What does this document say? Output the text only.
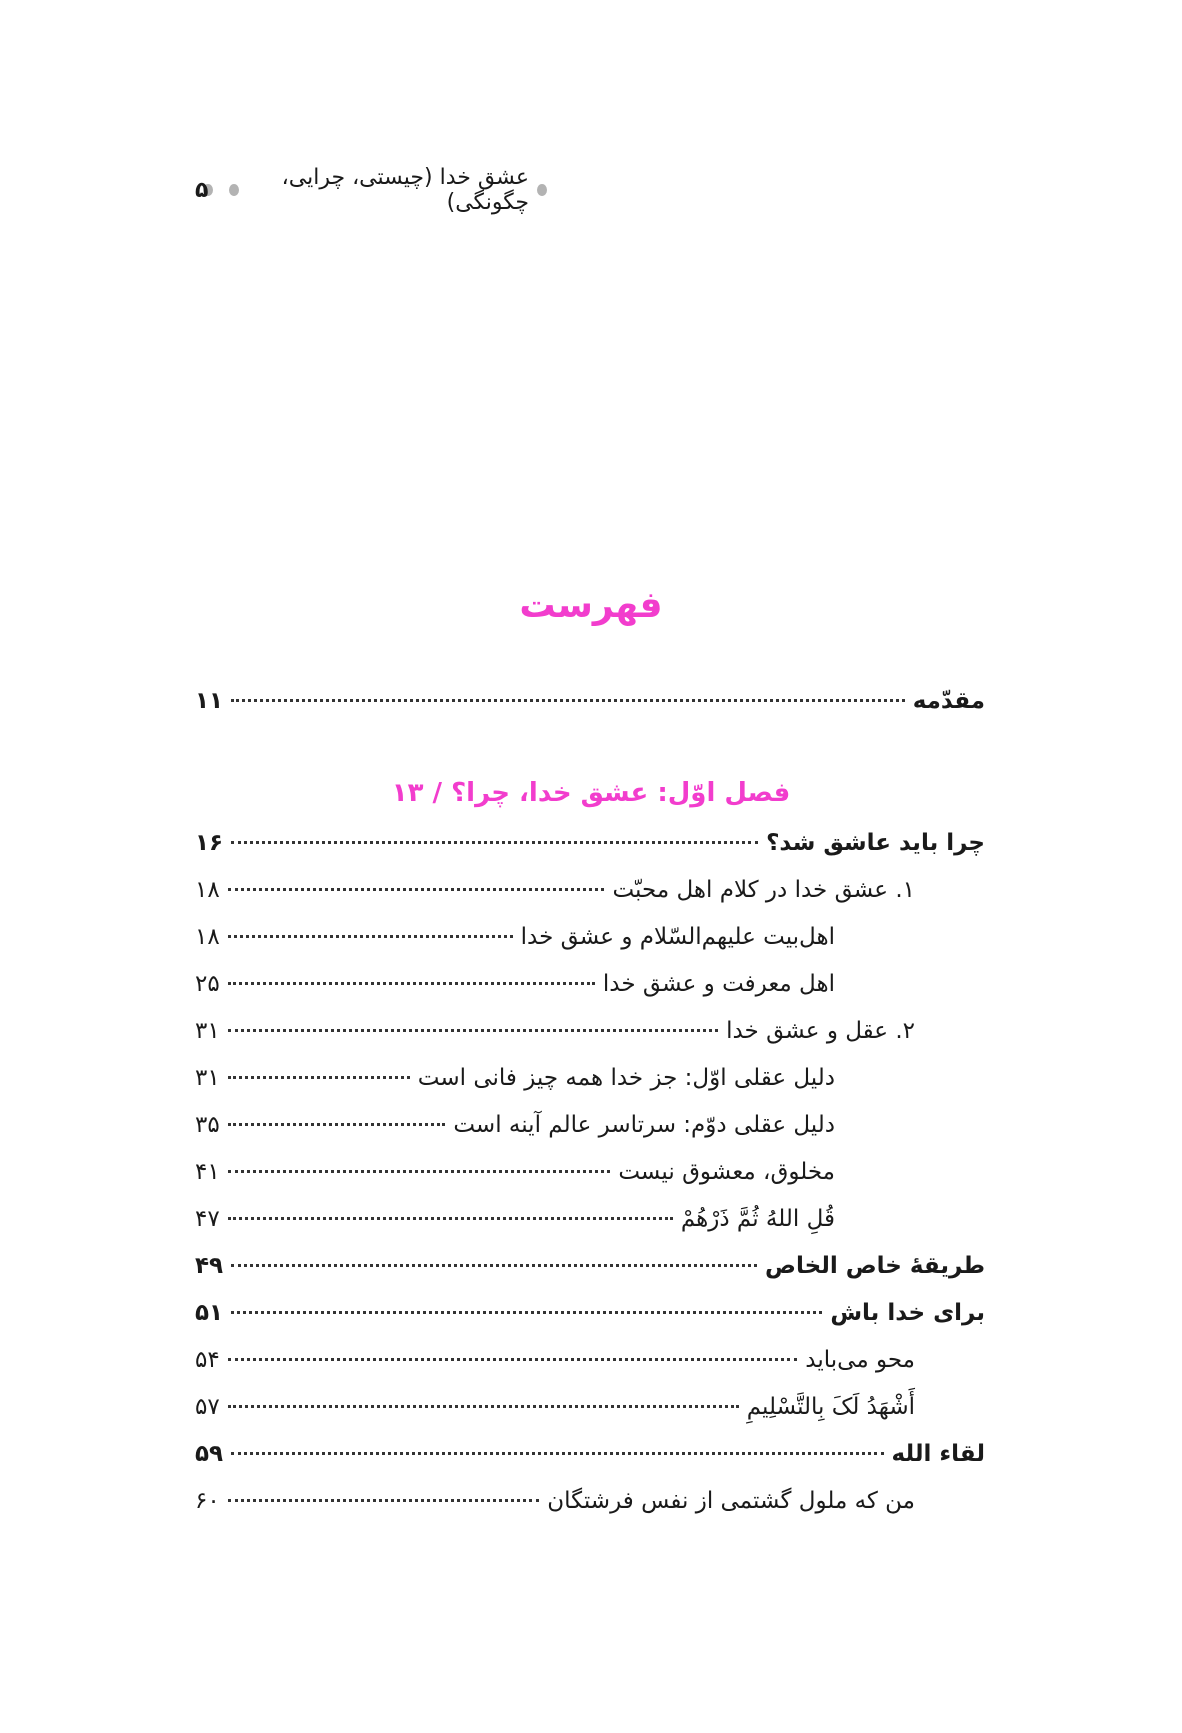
عشق خدا (چیستی، چرایی، چگونگی)
۵
فهرست
مقدّمه
۱۱
فصل اوّل: عشق خدا، چرا؟ / ۱۳
چرا باید عاشق شد؟
۱۶
۱. عشق خدا در کلام اهل محبّت
۱۸
اهل‌بیت علیهم‌السّلام و عشق خدا
۱۸
اهل معرفت و عشق خدا
۲۵
۲. عقل و عشق خدا
۳۱
دلیل عقلی اوّل: جز خدا همه چیز فانی است
۳۱
دلیل عقلی دوّم: سرتاسر عالم آینه است
۳۵
مخلوق، معشوق نیست
۴۱
قُلِ اللهُ ثُمَّ ذَرْهُمْ
۴۷
طریقۀ خاص الخاص
۴۹
برای خدا باش
۵۱
محو می‌باید
۵۴
أَشْهَدُ لَکَ بِالتَّسْلِیمِ
۵۷
لقاء الله
۵۹
من که ملول گشتمی از نفس فرشتگان
۶۰
